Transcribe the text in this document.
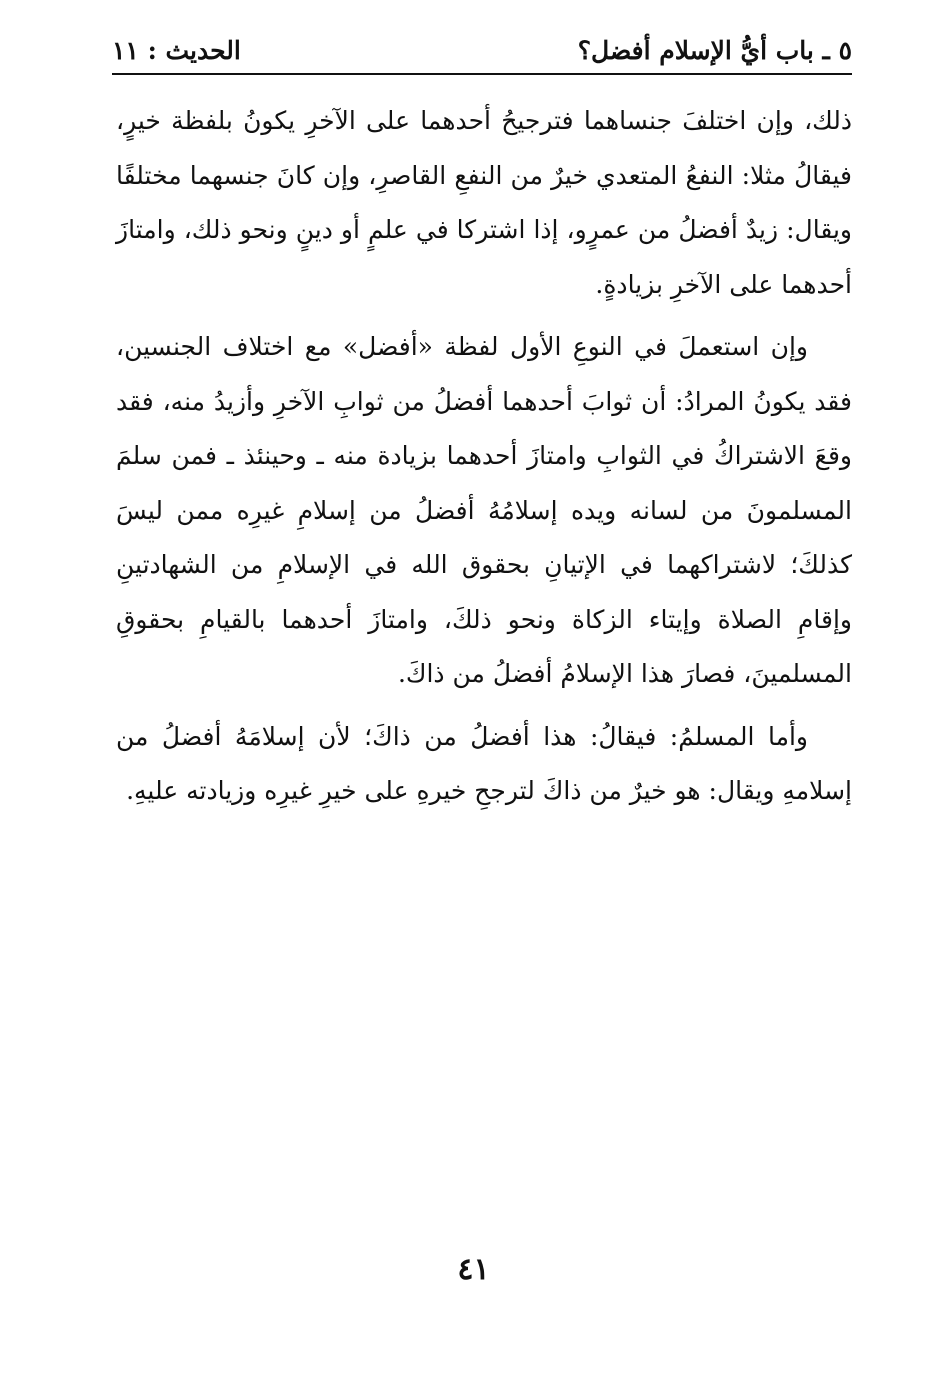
٥ ـ باب أيُّ الإسلام أفضل؟
الحديث : ١١

ذلك، وإن اختلفَ جنساهما فترجيحُ أحدهما على الآخرِ يكونُ بلفظة خيرٍ، فيقالُ مثلا: النفعُ المتعدي خيرٌ من النفعِ القاصرِ، وإن كانَ جنسهما مختلفًا ويقال: زيدٌ أفضلُ من عمرٍو، إذا اشتركا في علمٍ أو دينٍ ونحو ذلك، وامتازَ أحدهما على الآخرِ بزيادةٍ.

وإن استعملَ في النوعِ الأول لفظة «أفضل» مع اختلاف الجنسين، فقد يكونُ المرادُ: أن ثوابَ أحدهما أفضلُ من ثوابِ الآخرِ وأزيدُ منه، فقد وقعَ الاشتراكُ في الثوابِ وامتازَ أحدهما بزيادة منه ـ وحينئذ ـ فمن سلمَ المسلمونَ من لسانه ويده إسلامُهُ أفضلُ من إسلامِ غيرِه ممن ليسَ كذلكَ؛ لاشتراكهما في الإتيانِ بحقوق الله في الإسلامِ من الشهادتينِ وإقامِ الصلاة وإيتاء الزكاة ونحو ذلكَ، وامتازَ أحدهما بالقيامِ بحقوقِ المسلمينَ، فصارَ هذا الإسلامُ أفضلُ من ذاكَ.

وأما المسلمُ: فيقالُ: هذا أفضلُ من ذاكَ؛ لأن إسلامَهُ أفضلُ من إسلامهِ ويقال: هو خيرٌ من ذاكَ لترجحِ خيرهِ على خيرِ غيرِه وزيادته عليهِ.

٤١
